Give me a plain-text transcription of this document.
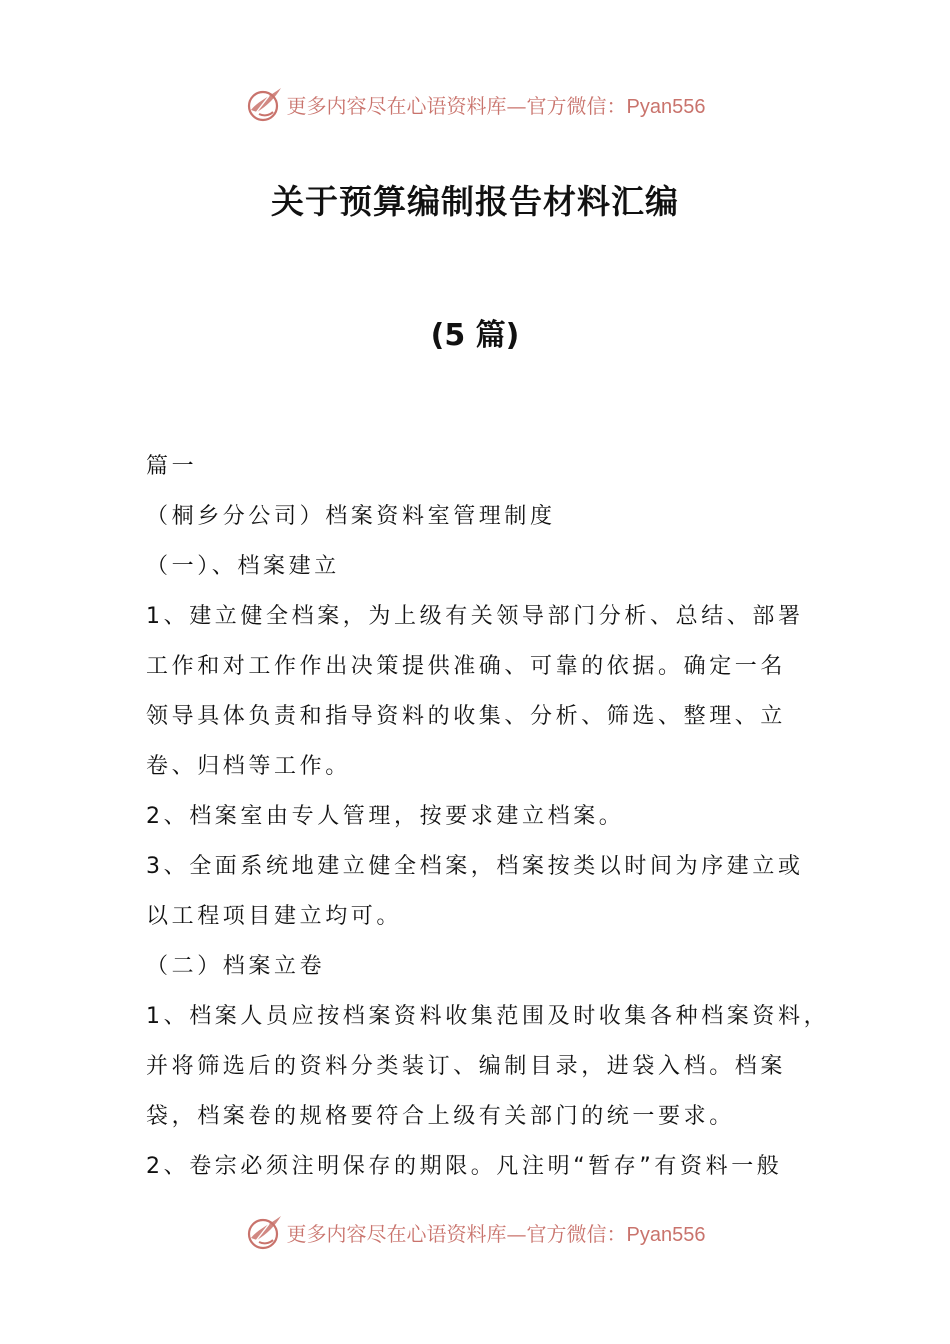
更多内容尽在心语资料库—官方微信：Pyan556
关于预算编制报告材料汇编
(5 篇)
篇一
（桐乡分公司）档案资料室管理制度
（一）、档案建立
1、建立健全档案，为上级有关领导部门分析、总结、部署
工作和对工作作出决策提供准确、可靠的依据。确定一名
领导具体负责和指导资料的收集、分析、筛选、整理、立
卷、归档等工作。
2、档案室由专人管理，按要求建立档案。
3、全面系统地建立健全档案，档案按类以时间为序建立或
以工程项目建立均可。
（二）档案立卷
1、档案人员应按档案资料收集范围及时收集各种档案资料，
并将筛选后的资料分类装订、编制目录，进袋入档。档案
袋，档案卷的规格要符合上级有关部门的统一要求。
2、卷宗必须注明保存的期限。凡注明“暂存”有资料一般
更多内容尽在心语资料库—官方微信：Pyan556
